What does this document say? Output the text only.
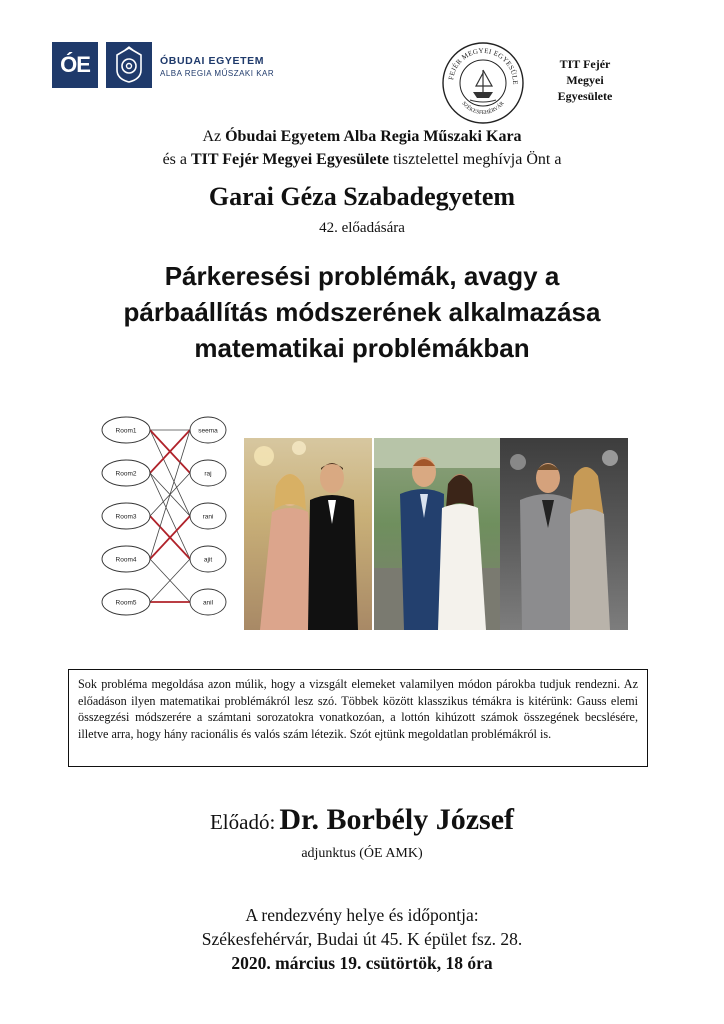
ÓE	ÓBUDAI EGYETEM
ALBA REGIA MŰSZAKI KAR	FEJÉR MEGYEI EGYESÜLE
SZÉKESFEHÉRVÁR
TIT Fejér
Megyei Egyesülete
Az Óbudai Egyetem Alba Regia Műszaki Kara
és a TIT Fejér Megyei Egyesülete tisztelettel meghívja Önt a
Garai Géza Szabadegyetem
42. előadására
Párkeresési problémák, avagy a
párbaállítás módszerének alkalmazása
matematikai problémákban
Room1
Room2
Room3
Room4
Room5
seema
raj
rani
ajit
anil
Sok probléma megoldása azon múlik, hogy a vizsgált elemeket valamilyen módon párokba tudjuk rendezni. Az előadáson ilyen matematikai problémákról lesz szó. Többek között klasszikus témákra is kitérünk: Gauss elemi összegzési módszerére a számtani sorozatokra vonatkozóan, a lottón kihúzott számok összegének becslésére, illetve arra, hogy hány racionális és valós szám létezik. Szót ejtünk megoldatlan problémákról is.
Előadó: Dr. Borbély József
adjunktus (ÓE AMK)
A rendezvény helye és időpontja:
Székesfehérvár, Budai út 45. K épület fsz. 28.
2020. március 19. csütörtök, 18 óra
